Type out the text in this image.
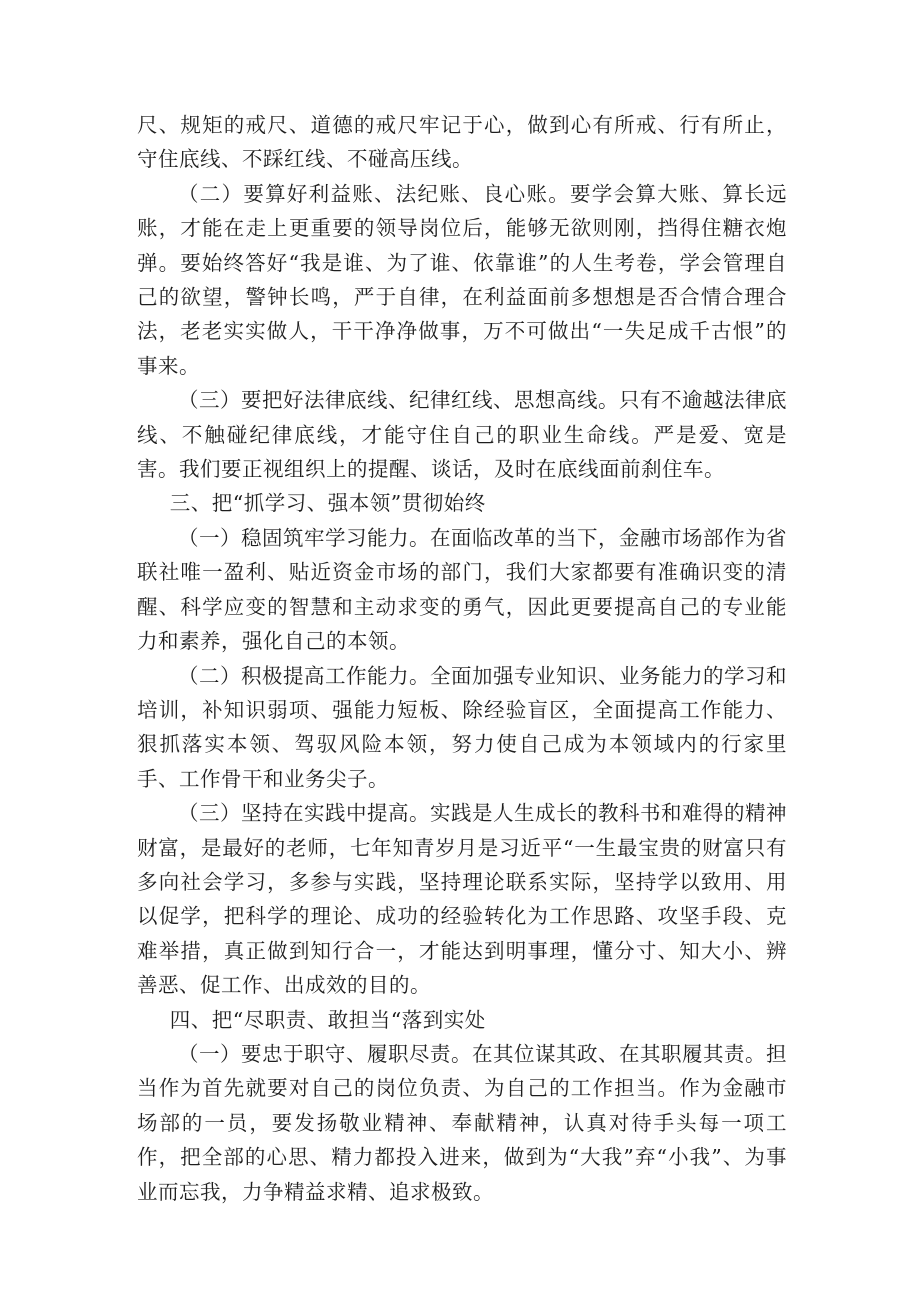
尺、规矩的戒尺、道德的戒尺牢记于心，做到心有所戒、行有所止，守住底线、不踩红线、不碰高压线。

（二）要算好利益账、法纪账、良心账。要学会算大账、算长远账，才能在走上更重要的领导岗位后，能够无欲则刚，挡得住糖衣炮弹。要始终答好“我是谁、为了谁、依靠谁”的人生考卷，学会管理自己的欲望，警钟长鸣，严于自律，在利益面前多想想是否合情合理合法，老老实实做人，干干净净做事，万不可做出“一失足成千古恨”的事来。

（三）要把好法律底线、纪律红线、思想高线。只有不逾越法律底线、不触碰纪律底线，才能守住自己的职业生命线。严是爱、宽是害。我们要正视组织上的提醒、谈话，及时在底线面前刹住车。

三、把“抓学习、强本领”贯彻始终

（一）稳固筑牢学习能力。在面临改革的当下，金融市场部作为省联社唯一盈利、贴近资金市场的部门，我们大家都要有准确识变的清醒、科学应变的智慧和主动求变的勇气，因此更要提高自己的专业能力和素养，强化自己的本领。

（二）积极提高工作能力。全面加强专业知识、业务能力的学习和培训，补知识弱项、强能力短板、除经验盲区，全面提高工作能力、狠抓落实本领、驾驭风险本领，努力使自己成为本领域内的行家里手、工作骨干和业务尖子。

（三）坚持在实践中提高。实践是人生成长的教科书和难得的精神财富，是最好的老师，七年知青岁月是习近平“一生最宝贵的财富只有多向社会学习，多参与实践，坚持理论联系实际，坚持学以致用、用以促学，把科学的理论、成功的经验转化为工作思路、攻坚手段、克难举措，真正做到知行合一，才能达到明事理，懂分寸、知大小、辨善恶、促工作、出成效的目的。

四、把“尽职责、敢担当“落到实处

（一）要忠于职守、履职尽责。在其位谋其政、在其职履其责。担当作为首先就要对自己的岗位负责、为自己的工作担当。作为金融市场部的一员，要发扬敬业精神、奉献精神，认真对待手头每一项工作，把全部的心思、精力都投入进来，做到为“大我”弃“小我”、为事业而忘我，力争精益求精、追求极致。
